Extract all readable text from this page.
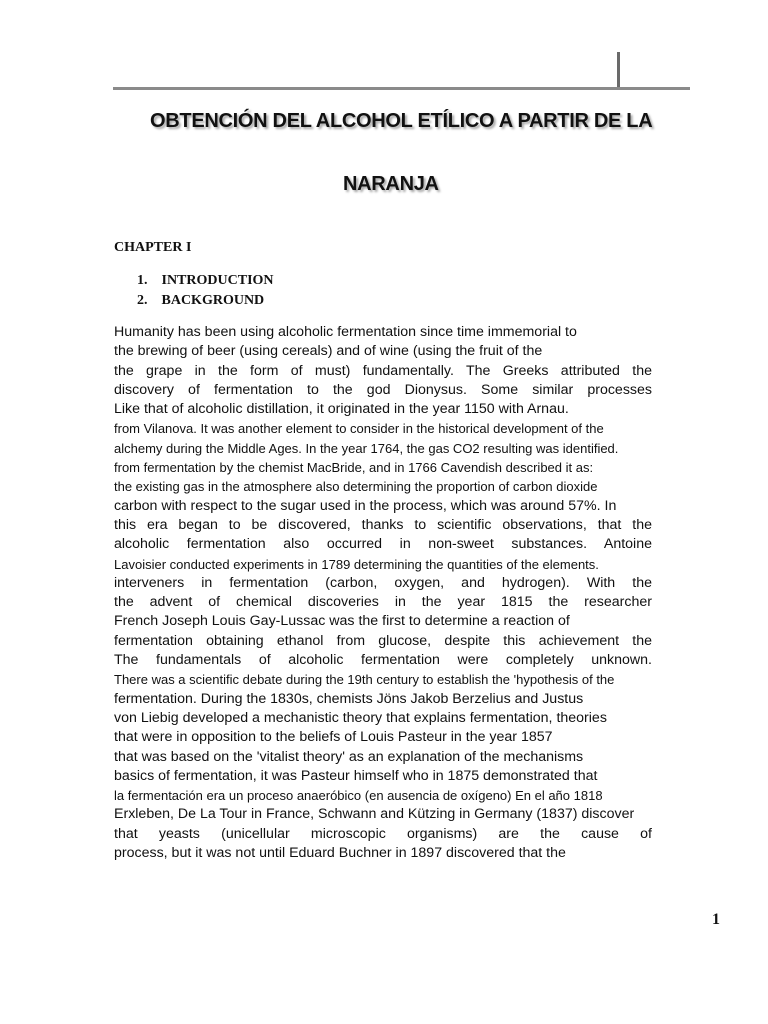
OBTENCIÓN DEL ALCOHOL ETÍLICO A PARTIR DE LA
NARANJA
CHAPTER I
1. INTRODUCTION
2. BACKGROUND
Humanity has been using alcoholic fermentation since time immemorial to
the brewing of beer (using cereals) and of wine (using the fruit of the
the grape in the form of must) fundamentally. The Greeks attributed the
discovery of fermentation to the god Dionysus. Some similar processes
Like that of alcoholic distillation, it originated in the year 1150 with Arnau.
from Vilanova. It was another element to consider in the historical development of the
alchemy during the Middle Ages. In the year 1764, the gas CO2 resulting was identified.
from fermentation by the chemist MacBride, and in 1766 Cavendish described it as:
the existing gas in the atmosphere also determining the proportion of carbon dioxide
carbon with respect to the sugar used in the process, which was around 57%. In
this era began to be discovered, thanks to scientific observations, that the
alcoholic fermentation also occurred in non-sweet substances. Antoine
Lavoisier conducted experiments in 1789 determining the quantities of the elements.
interveners in fermentation (carbon, oxygen, and hydrogen). With the
the advent of chemical discoveries in the year 1815 the researcher
French Joseph Louis Gay-Lussac was the first to determine a reaction of
fermentation obtaining ethanol from glucose, despite this achievement the
The fundamentals of alcoholic fermentation were completely unknown.
There was a scientific debate during the 19th century to establish the 'hypothesis of the
fermentation. During the 1830s, chemists Jöns Jakob Berzelius and Justus
von Liebig developed a mechanistic theory that explains fermentation, theories
that were in opposition to the beliefs of Louis Pasteur in the year 1857
that was based on the 'vitalist theory' as an explanation of the mechanisms
basics of fermentation, it was Pasteur himself who in 1875 demonstrated that
la fermentación era un proceso anaeróbico (en ausencia de oxígeno) En el año 1818
Erxleben, De La Tour in France, Schwann and Kützing in Germany (1837) discover
that yeasts (unicellular microscopic organisms) are the cause of
process, but it was not until Eduard Buchner in 1897 discovered that the
1
